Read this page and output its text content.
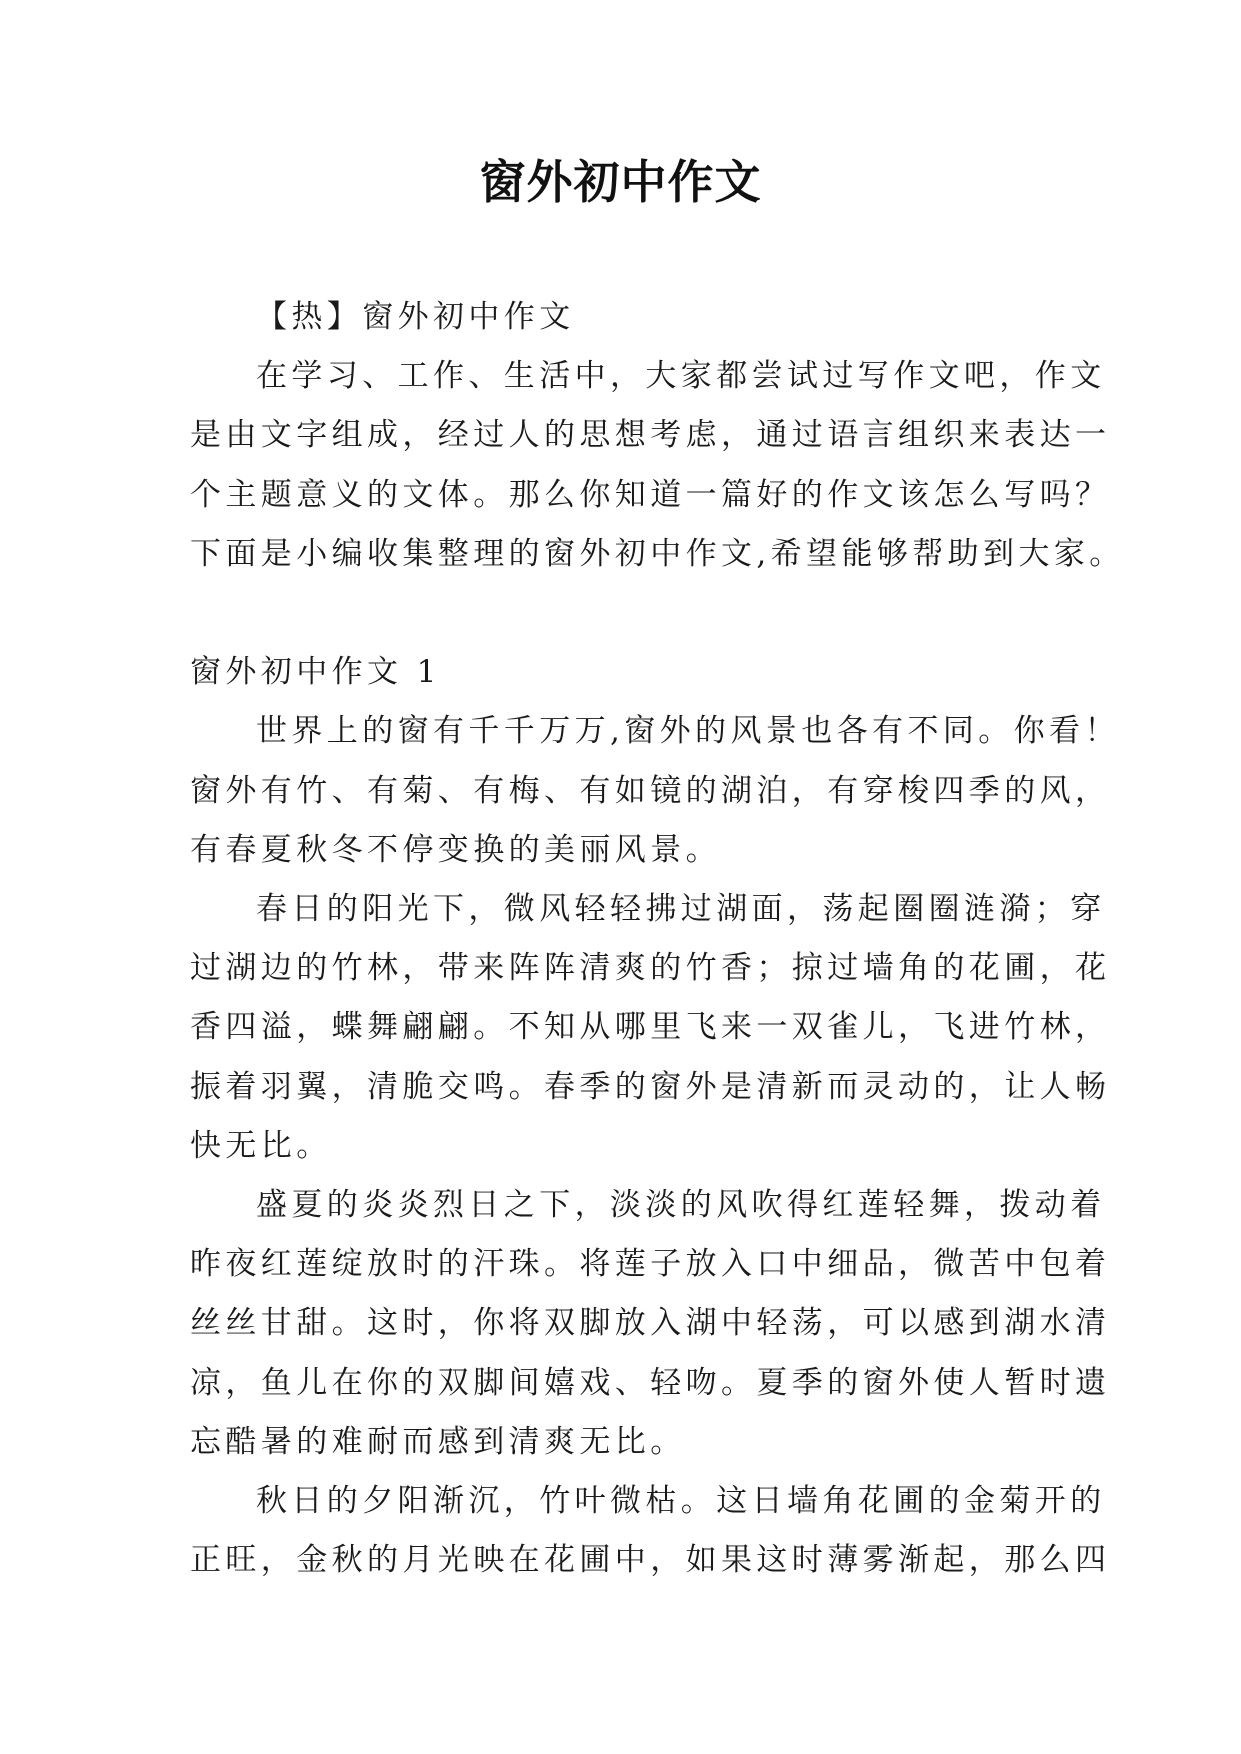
窗外初中作文
【热】窗外初中作文
在学习、工作、生活中，大家都尝试过写作文吧，作文
是由文字组成，经过人的思想考虑，通过语言组织来表达一
个主题意义的文体。那么你知道一篇好的作文该怎么写吗？
下面是小编收集整理的窗外初中作文,希望能够帮助到大家。
窗外初中作文 1
世界上的窗有千千万万,窗外的风景也各有不同。你看！
窗外有竹、有菊、有梅、有如镜的湖泊，有穿梭四季的风，
有春夏秋冬不停变换的美丽风景。
春日的阳光下，微风轻轻拂过湖面，荡起圈圈涟漪；穿
过湖边的竹林，带来阵阵清爽的竹香；掠过墙角的花圃，花
香四溢，蝶舞翩翩。不知从哪里飞来一双雀儿，飞进竹林，
振着羽翼，清脆交鸣。春季的窗外是清新而灵动的，让人畅
快无比。
盛夏的炎炎烈日之下，淡淡的风吹得红莲轻舞，拨动着
昨夜红莲绽放时的汗珠。将莲子放入口中细品，微苦中包着
丝丝甘甜。这时，你将双脚放入湖中轻荡，可以感到湖水清
凉，鱼儿在你的双脚间嬉戏、轻吻。夏季的窗外使人暂时遗
忘酷暑的难耐而感到清爽无比。
秋日的夕阳渐沉，竹叶微枯。这日墙角花圃的金菊开的
正旺，金秋的月光映在花圃中，如果这时薄雾渐起，那么四
